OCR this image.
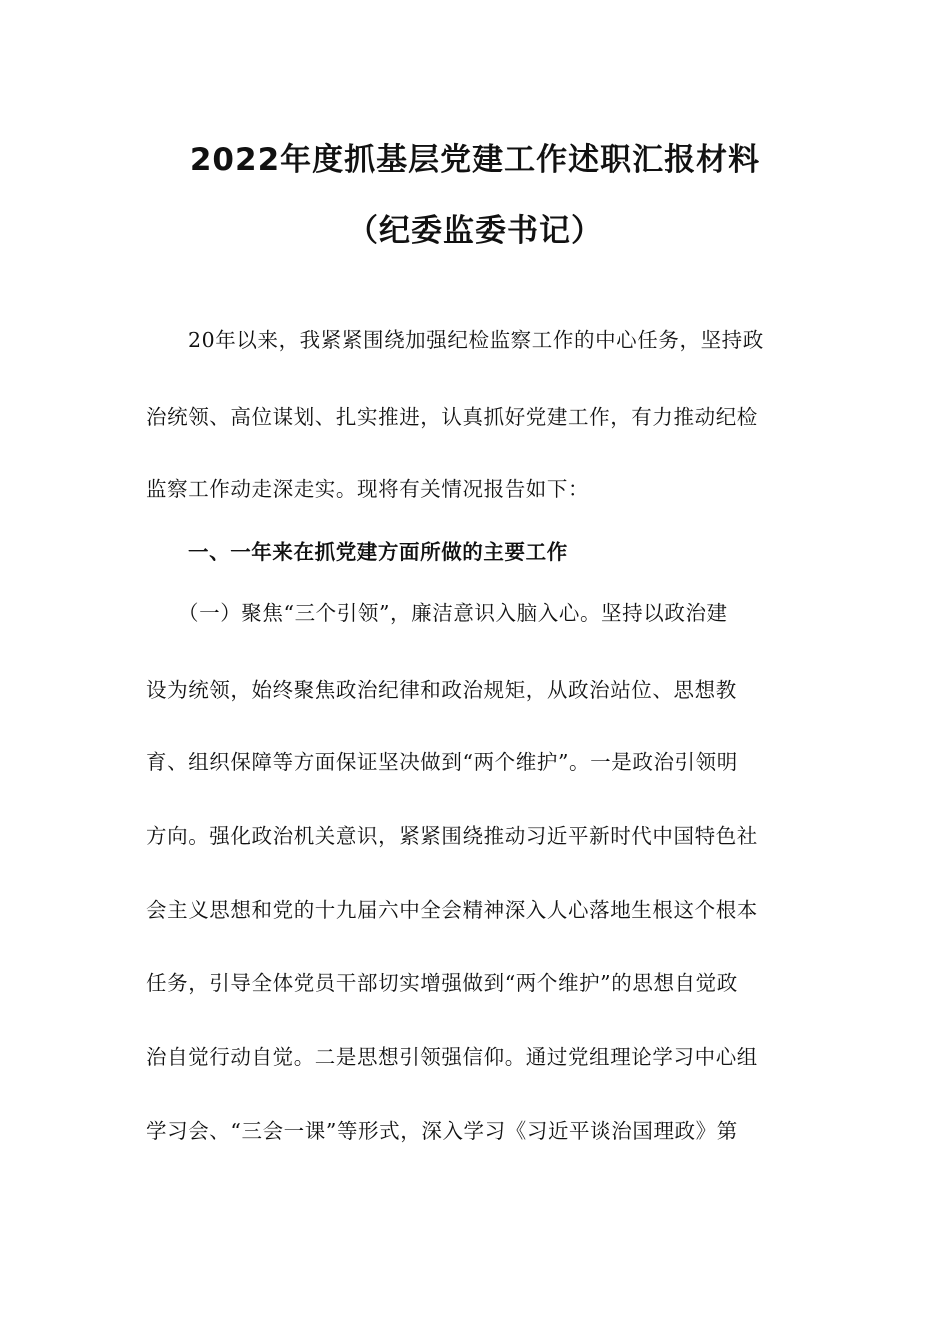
2022年度抓基层党建工作述职汇报材料
（纪委监委书记）
20年以来，我紧紧围绕加强纪检监察工作的中心任务，坚持政
治统领、高位谋划、扎实推进，认真抓好党建工作，有力推动纪检
监察工作动走深走实。现将有关情况报告如下：
一、一年来在抓党建方面所做的主要工作
（一）聚焦“三个引领”，廉洁意识入脑入心。坚持以政治建
设为统领，始终聚焦政治纪律和政治规矩，从政治站位、思想教
育、组织保障等方面保证坚决做到“两个维护”。一是政治引领明
方向。强化政治机关意识，紧紧围绕推动习近平新时代中国特色社
会主义思想和党的十九届六中全会精神深入人心落地生根这个根本
任务，引导全体党员干部切实增强做到“两个维护”的思想自觉政
治自觉行动自觉。二是思想引领强信仰。通过党组理论学习中心组
学习会、“三会一课”等形式，深入学习《习近平谈治国理政》第
